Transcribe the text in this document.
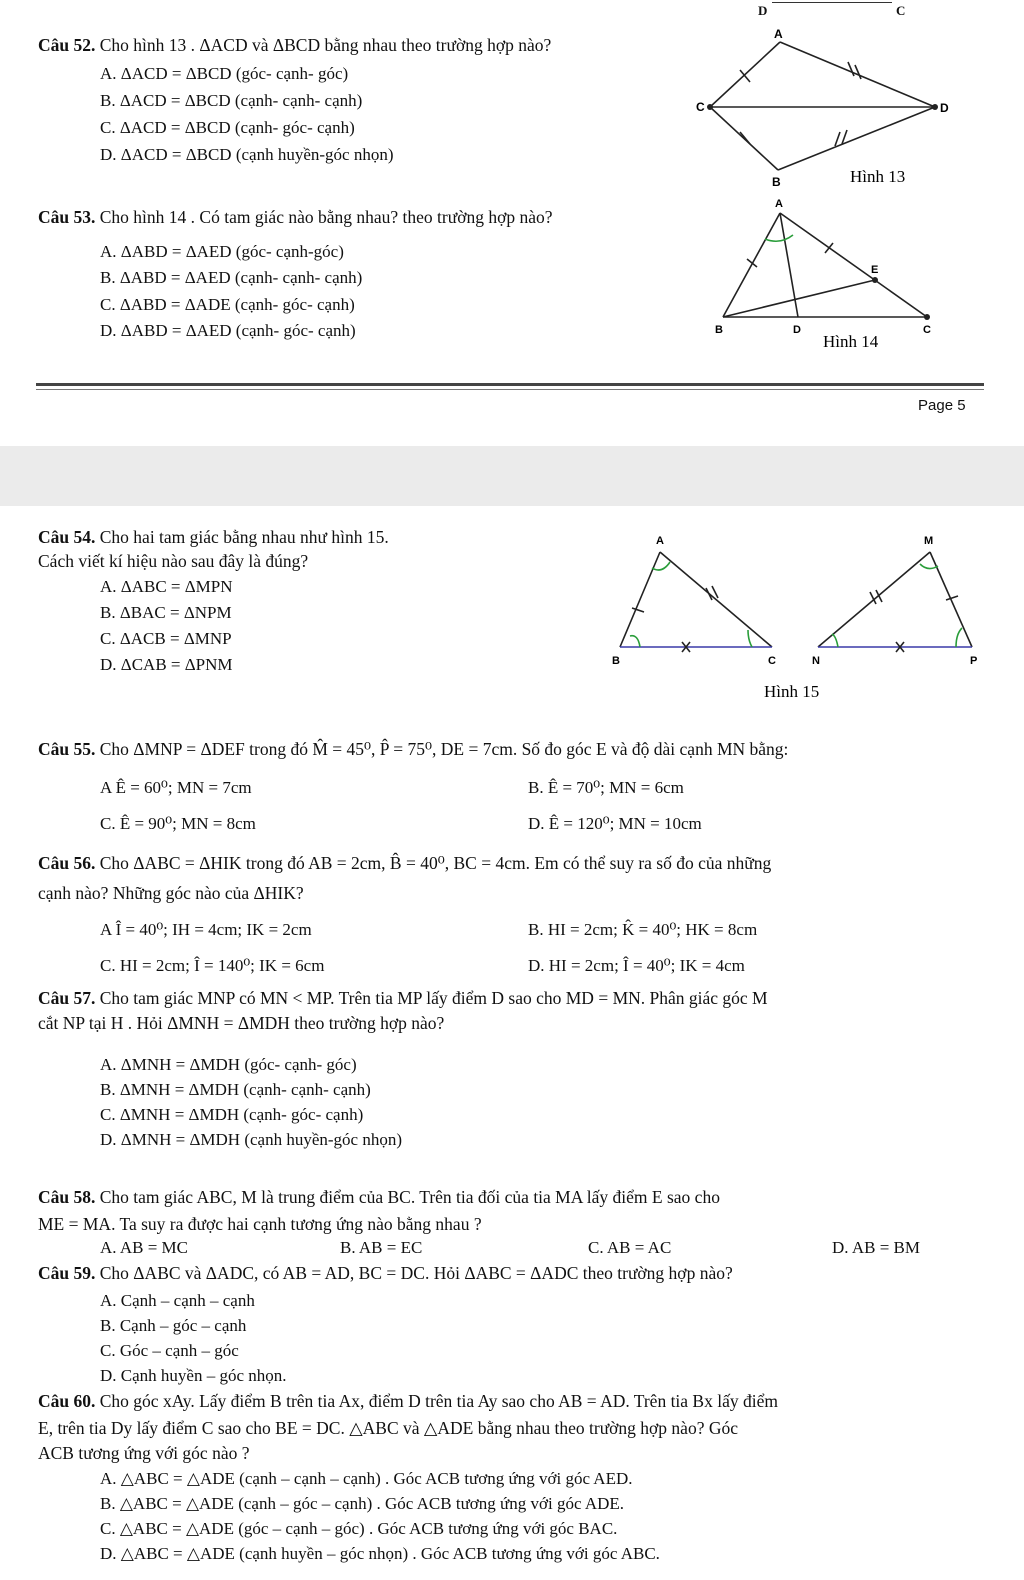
D	C
Câu 52. Cho hình 13 . ΔACD và ΔBCD bằng nhau theo trường hợp nào?
A. ΔACD = ΔBCD (góc- cạnh- góc)
B. ΔACD = ΔBCD (cạnh- cạnh- cạnh)
C. ΔACD = ΔBCD (cạnh- góc- cạnh)
D. ΔACD = ΔBCD (cạnh huyền-góc nhọn)
A
B
C	D
Hình 13
Câu 53. Cho hình 14 . Có tam giác nào bằng nhau? theo trường hợp nào?
A. ΔABD = ΔAED (góc- cạnh-góc)
B. ΔABD = ΔAED (cạnh- cạnh- cạnh)
C. ΔABD = ΔADE (cạnh- góc- cạnh)
D. ΔABD = ΔAED (cạnh- góc- cạnh)
A
B	D	C
E
Hình 14
Page 5
Câu 54. Cho hai tam giác bằng nhau như hình 15.
Cách viết kí hiệu nào sau đây là đúng?
A. ΔABC = ΔMPN
B. ΔBAC = ΔNPM
C. ΔACB = ΔMNP
D. ΔCAB = ΔPNM
A
B	C
M
N	P
Hình 15
Câu 55. Cho ΔMNP = ΔDEF trong đó M̂ = 45⁰, P̂ = 75⁰, DE = 7cm. Số đo góc E và độ dài cạnh MN bằng:
A Ê = 60⁰; MN = 7cm	B. Ê = 70⁰; MN = 6cm
C. Ê = 90⁰; MN = 8cm	D. Ê = 120⁰; MN = 10cm
Câu 56. Cho ΔABC = ΔHIK trong đó AB = 2cm, B̂ = 40⁰, BC = 4cm. Em có thể suy ra số đo của những
cạnh nào? Những góc nào của ΔHIK?
A Î = 40⁰; IH = 4cm; IK = 2cm	B. HI = 2cm; K̂ = 40⁰; HK = 8cm
C. HI = 2cm; Î = 140⁰; IK = 6cm	D. HI = 2cm; Î = 40⁰; IK = 4cm
Câu 57. Cho tam giác MNP có MN < MP. Trên tia MP lấy điểm D sao cho MD = MN. Phân giác góc M
cắt NP tại H . Hỏi ΔMNH = ΔMDH theo trường hợp nào?
A. ΔMNH = ΔMDH (góc- cạnh- góc)
B. ΔMNH = ΔMDH (cạnh- cạnh- cạnh)
C. ΔMNH = ΔMDH (cạnh- góc- cạnh)
D. ΔMNH = ΔMDH (cạnh huyền-góc nhọn)
Câu 58. Cho tam giác ABC, M là trung điểm của BC. Trên tia đối của tia MA lấy điểm E sao cho
ME = MA. Ta suy ra được hai cạnh tương ứng nào bằng nhau ?
A. AB = MC	B. AB = EC	C. AB = AC	D. AB = BM
Câu 59. Cho ΔABC và ΔADC, có AB = AD, BC = DC. Hỏi ΔABC = ΔADC theo trường hợp nào?
A. Cạnh – cạnh – cạnh
B. Cạnh – góc – cạnh
C. Góc – cạnh – góc
D. Cạnh huyền – góc nhọn.
Câu 60. Cho góc xAy. Lấy điểm B trên tia Ax, điểm D trên tia Ay sao cho AB = AD. Trên tia Bx lấy điểm
E, trên tia Dy lấy điểm C sao cho BE = DC. △ABC và △ADE bằng nhau theo trường hợp nào? Góc
ACB tương ứng với góc nào ?
A. △ABC = △ADE (cạnh – cạnh – cạnh) . Góc ACB tương ứng với góc AED.
B. △ABC = △ADE (cạnh – góc – cạnh) . Góc ACB tương ứng với góc ADE.
C. △ABC = △ADE (góc – cạnh – góc) . Góc ACB tương ứng với góc BAC.
D. △ABC = △ADE (cạnh huyền – góc nhọn) . Góc ACB tương ứng với góc ABC.
